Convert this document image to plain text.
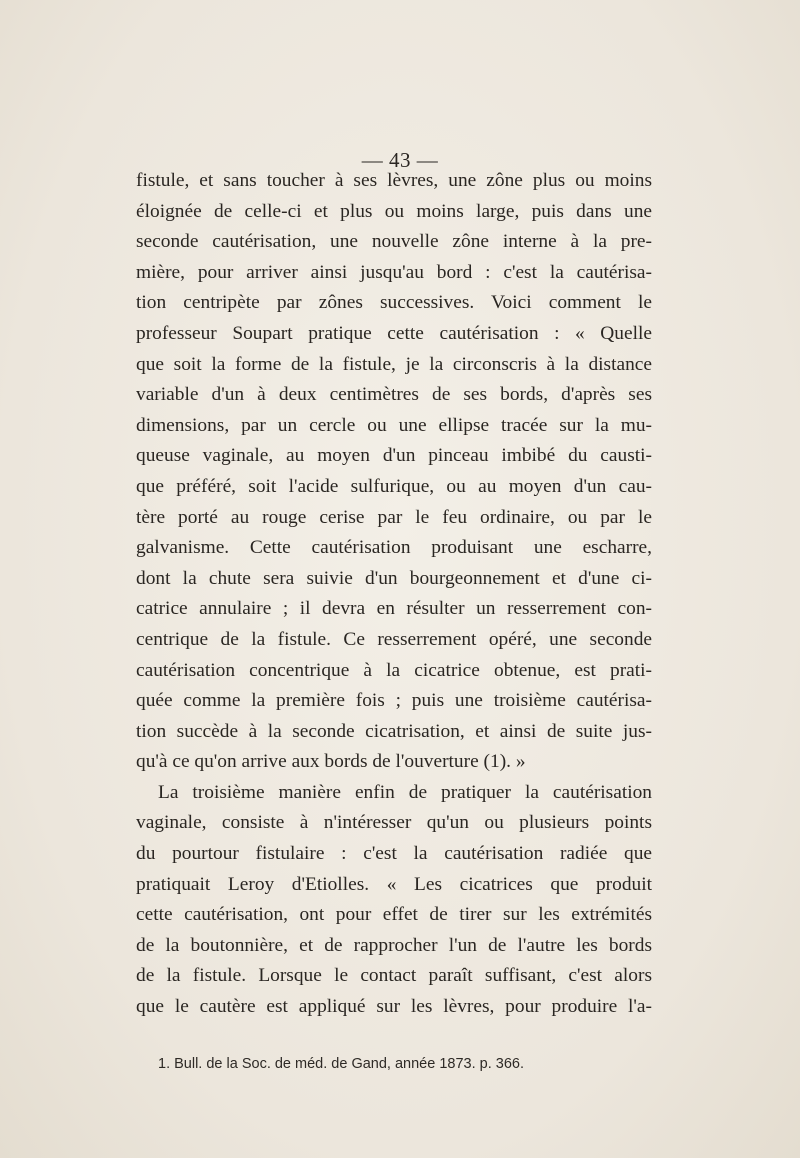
— 43 —
fistule, et sans toucher à ses lèvres, une zône plus ou moins
éloignée de celle-ci et plus ou moins large, puis dans une
seconde cautérisation, une nouvelle zône interne à la pre-
mière, pour arriver ainsi jusqu'au bord : c'est la cautérisa-
tion centripète par zônes successives. Voici comment le
professeur Soupart pratique cette cautérisation : « Quelle
que soit la forme de la fistule, je la circonscris à la distance
variable d'un à deux centimètres de ses bords, d'après ses
dimensions, par un cercle ou une ellipse tracée sur la mu-
queuse vaginale, au moyen d'un pinceau imbibé du causti-
que préféré, soit l'acide sulfurique, ou au moyen d'un cau-
tère porté au rouge cerise par le feu ordinaire, ou par le
galvanisme. Cette cautérisation produisant une escharre,
dont la chute sera suivie d'un bourgeonnement et d'une ci-
catrice annulaire ; il devra en résulter un resserrement con-
centrique de la fistule. Ce resserrement opéré, une seconde
cautérisation concentrique à la cicatrice obtenue, est prati-
quée comme la première fois ; puis une troisième cautérisa-
tion succède à la seconde cicatrisation, et ainsi de suite jus-
qu'à ce qu'on arrive aux bords de l'ouverture (1). »
La troisième manière enfin de pratiquer la cautérisation
vaginale, consiste à n'intéresser qu'un ou plusieurs points
du pourtour fistulaire : c'est la cautérisation radiée que
pratiquait Leroy d'Etiolles. « Les cicatrices que produit
cette cautérisation, ont pour effet de tirer sur les extrémités
de la boutonnière, et de rapprocher l'un de l'autre les bords
de la fistule. Lorsque le contact paraît suffisant, c'est alors
que le cautère est appliqué sur les lèvres, pour produire l'a-
1. Bull. de la Soc. de méd. de Gand, année 1873. p. 366.
